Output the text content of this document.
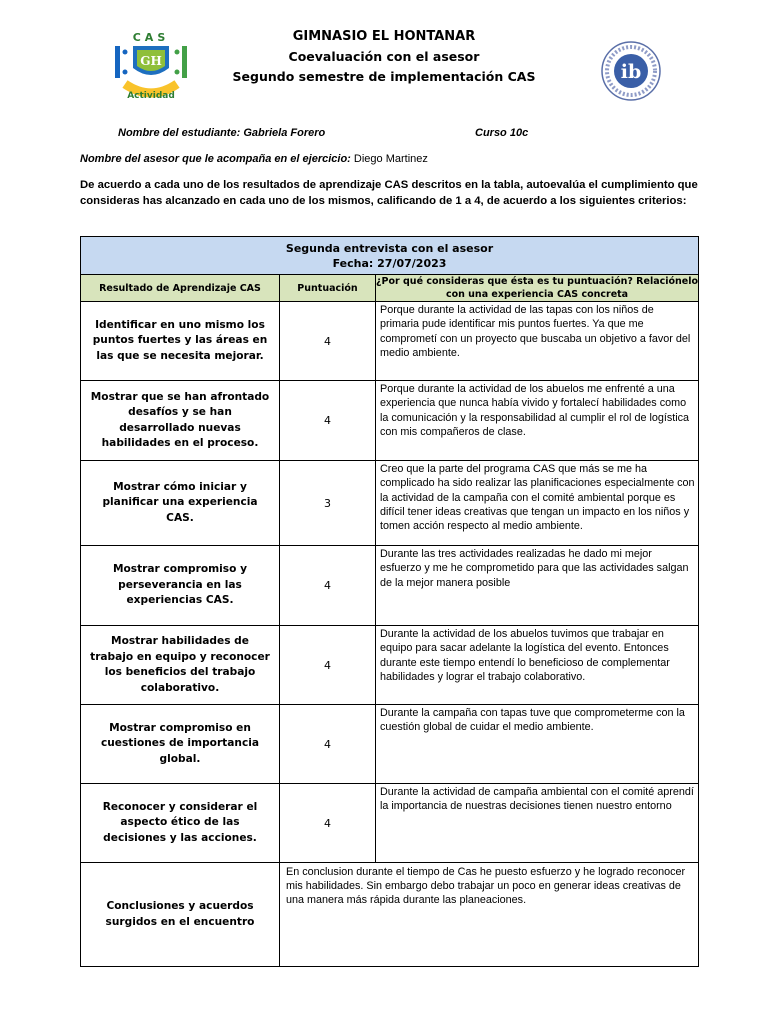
CAS
GH
Actividad
ib
GIMNASIO EL HONTANAR
Coevaluación con el asesor
Segundo semestre de implementación CAS
Nombre del estudiante: Gabriela Forero	Curso 10c
Nombre del asesor que le acompaña en el ejercicio: Diego Martinez
De acuerdo a cada uno de los resultados de aprendizaje CAS descritos en la tabla, autoevalúa el cumplimiento que consideras has alcanzado en cada uno de los mismos, calificando de 1 a 4, de acuerdo a los siguientes criterios:
Segunda entrevista con el asesor
Fecha: 27/07/2023		

Resultado de Aprendizaje CAS	Puntuación	¿Por qué consideras que ésta es tu puntuación? Relaciónelo con una experiencia CAS concreta
Identificar en uno mismo los puntos fuertes y las áreas en las que se necesita mejorar.	4	Porque durante la actividad de las tapas con los niños de primaria pude identificar mis puntos fuertes. Ya que me comprometí con un proyecto que buscaba un objetivo a favor del medio ambiente.
Mostrar que se han afrontado desafíos y se han desarrollado nuevas habilidades en el proceso.	4	Porque durante la actividad de los abuelos me enfrenté a una experiencia que nunca había vivido y fortalecí habilidades como la comunicación y la responsabilidad al cumplir el rol de logística con mis compañeros de clase.
Mostrar cómo iniciar y planificar una experiencia CAS.	3	Creo que la parte del programa CAS que más se me ha complicado ha sido realizar las planificaciones especialmente con la actividad de la campaña con el comité ambiental porque es difícil tener ideas creativas que tengan un impacto en los niños y tomen acción respecto al medio ambiente.
Mostrar compromiso y perseverancia en las experiencias CAS.	4	Durante las tres actividades realizadas he dado mi mejor esfuerzo y me he comprometido para que las actividades salgan de la mejor manera posible
Mostrar habilidades de trabajo en equipo y reconocer los beneficios del trabajo colaborativo.	4	Durante la actividad de los abuelos tuvimos que trabajar en equipo para sacar adelante la logística del evento. Entonces durante este tiempo entendí lo beneficioso de complementar habilidades y lograr el trabajo colaborativo.
Mostrar compromiso en cuestiones de importancia global.	4	Durante la campaña con tapas tuve que comprometerme con la cuestión global de cuidar el medio ambiente.
Reconocer y considerar el aspecto ético de las decisiones y las acciones.	4	Durante la actividad de campaña ambiental con el comité aprendí la importancia de nuestras decisiones tienen nuestro entorno
Conclusiones y acuerdos surgidos en el encuentro	En conclusion durante el tiempo de Cas he puesto esfuerzo y he logrado reconocer mis habilidades. Sin embargo debo trabajar un poco en generar ideas creativas de una manera más rápida durante las planeaciones.	
